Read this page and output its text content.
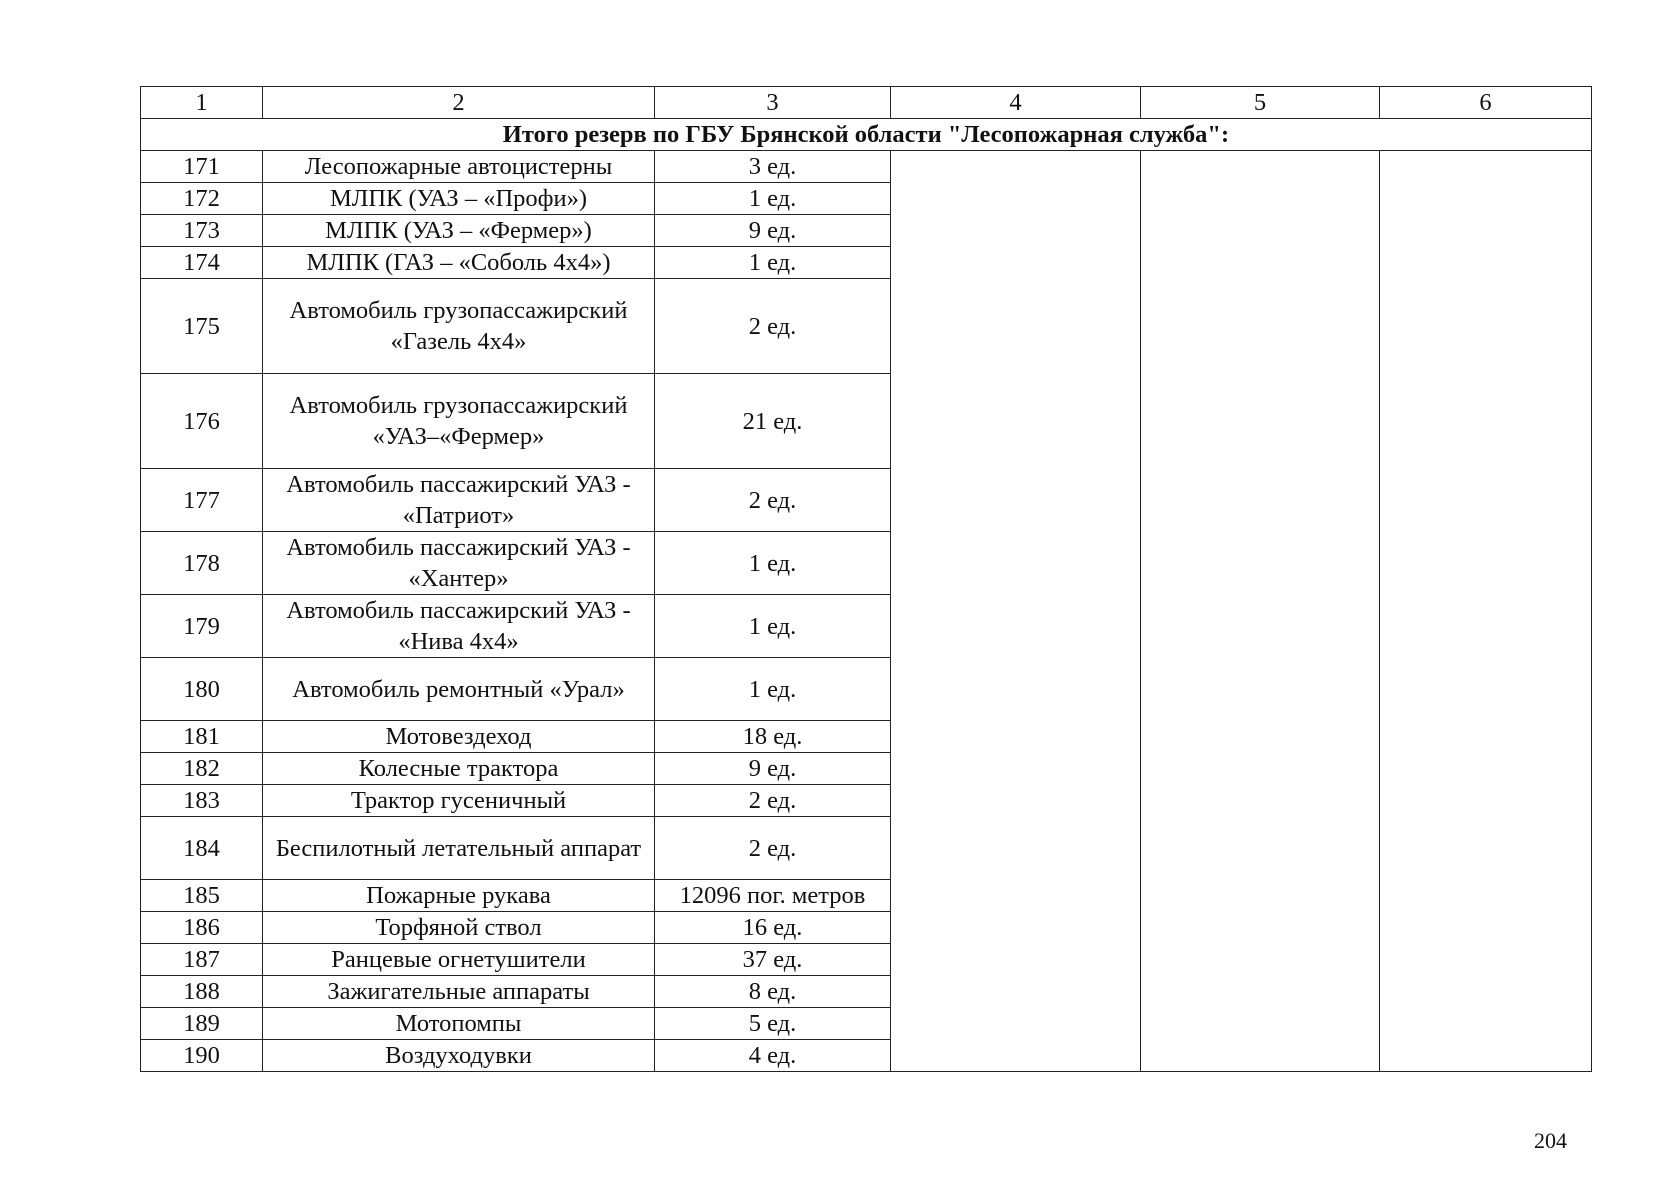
1	2	3	4	5	6
Итого резерв по ГБУ Брянской области "Лесопожарная служба":					
171	Лесопожарные автоцистерны	3 ед.			
172	МЛПК (УАЗ – «Профи»)	1 ед.			
173	МЛПК (УАЗ – «Фермер»)	9 ед.			
174	МЛПК (ГАЗ – «Соболь 4х4»)	1 ед.			
175	Автомобиль грузопассажирский «Газель 4х4»	2 ед.			
176	Автомобиль грузопассажирский «УАЗ–«Фермер»	21 ед.			
177	Автомобиль пассажирский УАЗ - «Патриот»	2 ед.			
178	Автомобиль пассажирский УАЗ - «Хантер»	1 ед.			
179	Автомобиль пассажирский УАЗ - «Нива 4х4»	1 ед.			
180	Автомобиль ремонтный «Урал»	1 ед.			
181	Мотовездеход	18 ед.			
182	Колесные трактора	9 ед.			
183	Трактор гусеничный	2 ед.			
184	Беспилотный летательный аппарат	2 ед.			
185	Пожарные рукава	12096 пог. метров			
186	Торфяной ствол	16 ед.			
187	Ранцевые огнетушители	37 ед.			
188	Зажигательные аппараты	8 ед.			
189	Мотопомпы	5 ед.			
190	Воздуходувки	4 ед.			
204
